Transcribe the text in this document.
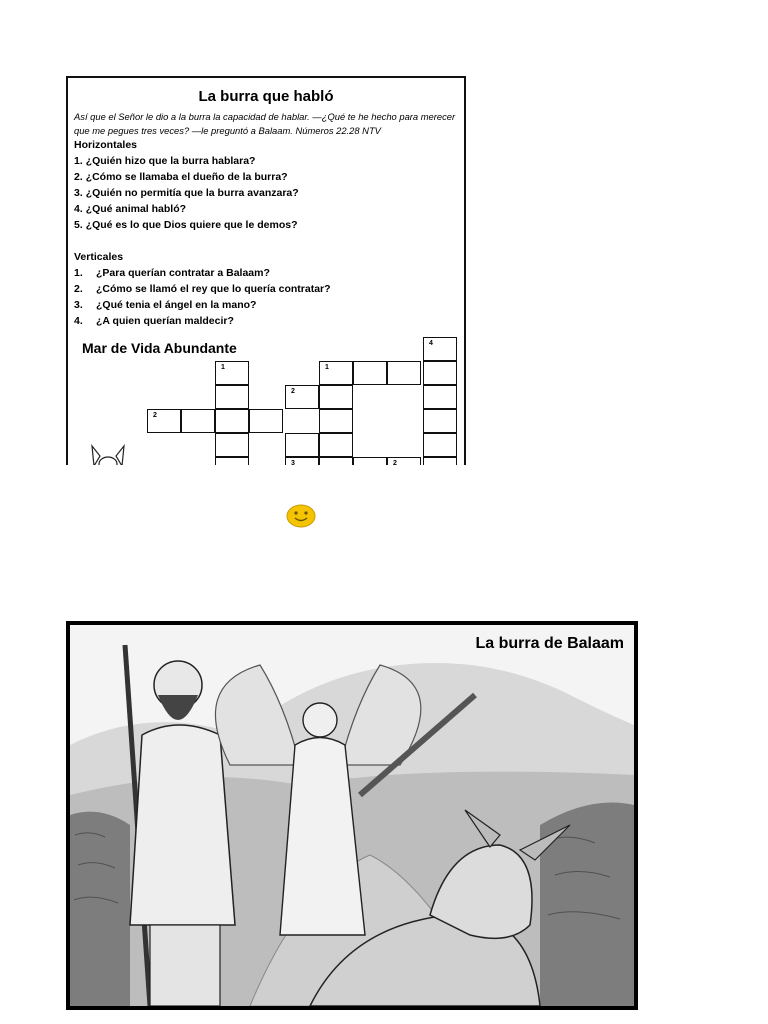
La burra que habló
Así que el Señor le dio a la burra la capacidad de hablar. —¿Qué te he hecho para merecer que me pegues tres veces? —le preguntó a Balaam. Números 22.28 NTV
Horizontales
1. ¿Quién hizo que la burra hablara?
2. ¿Cómo se llamaba el dueño de la burra?
3. ¿Quién no permitía que la burra avanzara?
4. ¿Qué animal habló?
5. ¿Qué es lo que Dios quiere que le demos?
Verticales
1. ¿Para querían contratar a Balaam?
2. ¿Cómo se llamó el rey que lo quería contratar?
3. ¿Qué tenia el ángel en la mano?
4. ¿A quien querían maldecir?
Mar de Vida Abundante	4
1
1
2
3	2
2
La burra de Balaam
